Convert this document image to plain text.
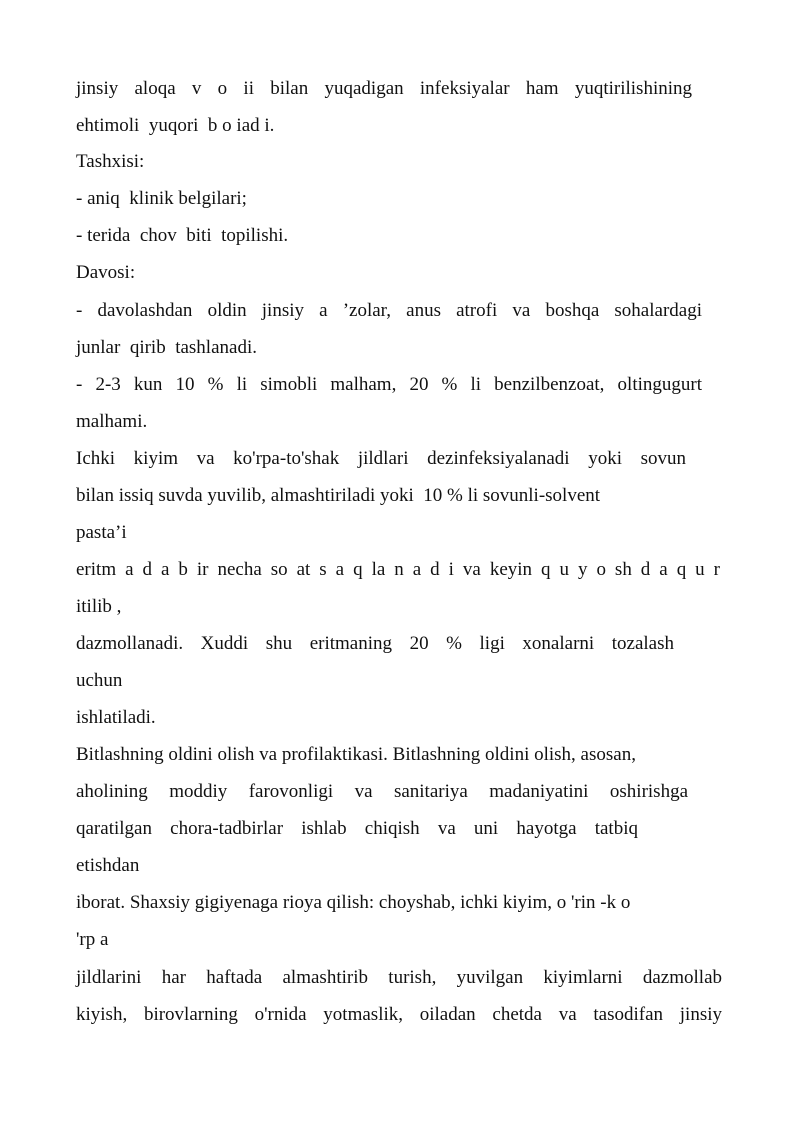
jinsiy aloqa v o ii bilan yuqadigan infeksiyalar ham yuqtirilishining
ehtimoli  yuqori  b o iad i.
Tashxisi:
- aniq  klinik belgilari;
- terida  chov  biti  topilishi.
Davosi:
- davolashdan oldin jinsiy a ’zolar, anus atrofi va boshqa sohalardagi
junlar  qirib  tashlanadi.
- 2-3 kun 10 % li simobli malham, 20 % li benzilbenzoat, oltingugurt
malhami.
Ichki kiyim va ko'rpa-to'shak jildlari dezinfeksiyalanadi yoki sovun
bilan issiq suvda yuvilib, almashtiriladi yoki  10 % li sovunli-solvent
pasta’i
eritm a d a b ir necha so at s a q la n a d i va keyin q u y o sh d a q u r
itilib ,
dazmollanadi. Xuddi shu eritmaning 20 % ligi xonalarni tozalash
uchun
ishlatiladi.
Bitlashning oldini olish va profilaktikasi. Bitlashning oldini olish, asosan,
aholining moddiy farovonligi va sanitariya madaniyatini oshirishga
qaratilgan chora-tadbirlar ishlab chiqish va uni hayotga tatbiq
etishdan
iborat. Shaxsiy gigiyenaga rioya qilish: choyshab, ichki kiyim, o 'rin -k o
'rp a
jildlarini har haftada almashtirib turish, yuvilgan kiyimlarni dazmollab
kiyish, birovlarning o'rnida yotmaslik, oiladan chetda va tasodifan jinsiy
